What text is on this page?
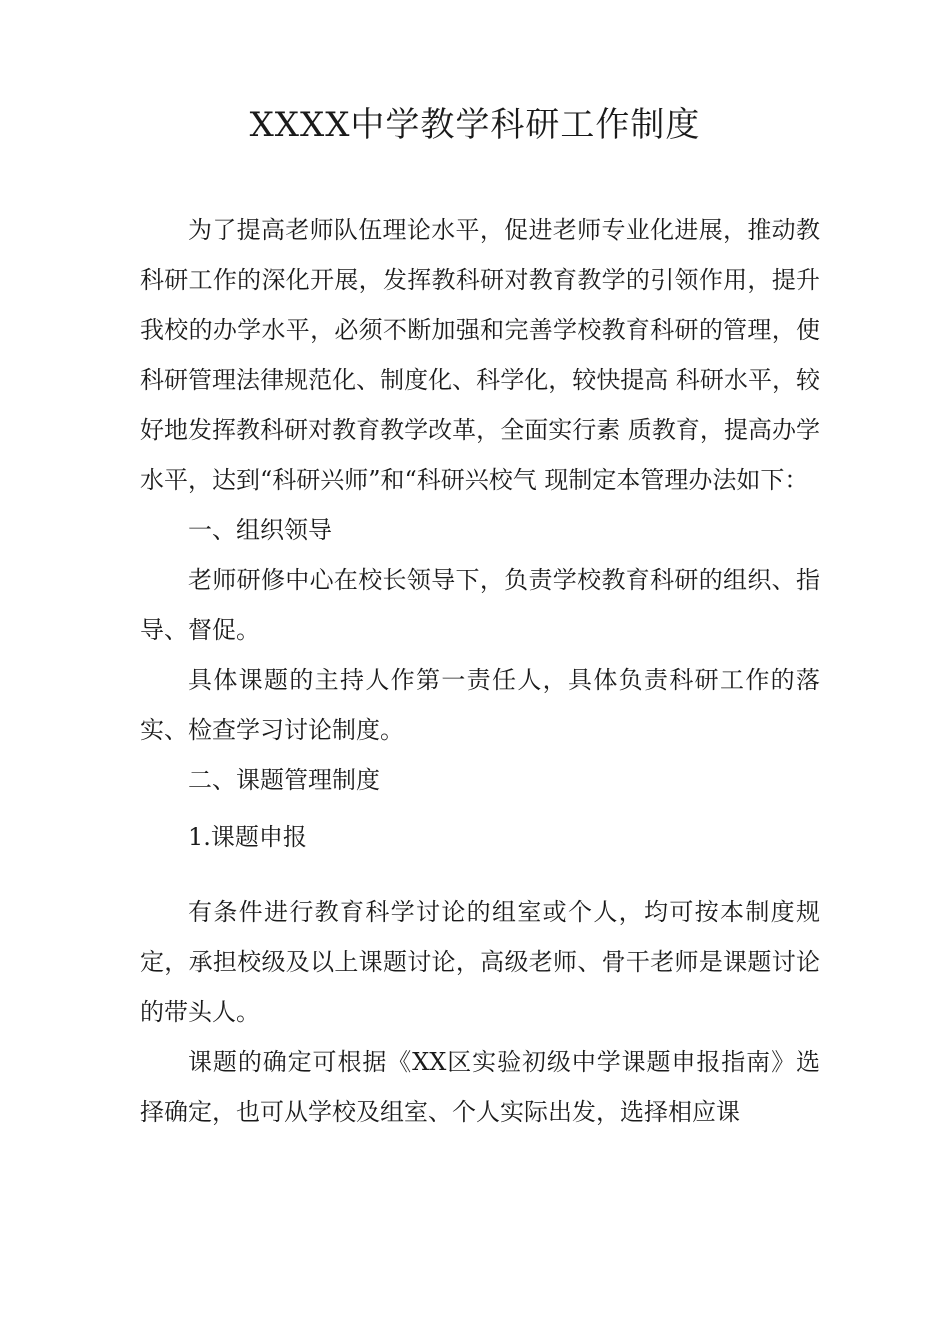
XXXX中学教学科研工作制度

为了提高老师队伍理论水平，促进老师专业化进展，推动教科研工作的深化开展，发挥教科研对教育教学的引领作用，提升我校的办学水平，必须不断加强和完善学校教育科研的管理，使科研管理法律规范化、制度化、科学化，较快提高 科研水平，较好地发挥教科研对教育教学改革，全面实行素 质教育，提高办学水平，达到“科研兴师”和“科研兴校气 现制定本管理办法如下：

一、组织领导

老师研修中心在校长领导下，负责学校教育科研的组织、指导、督促。

具体课题的主持人作第一责任人，具体负责科研工作的落实、检查学习讨论制度。

二、课题管理制度

1.课题申报

有条件进行教育科学讨论的组室或个人，均可按本制度规定，承担校级及以上课题讨论，高级老师、骨干老师是课题讨论的带头人。

课题的确定可根据《XX区实验初级中学课题申报指南》选择确定，也可从学校及组室、个人实际出发，选择相应课
